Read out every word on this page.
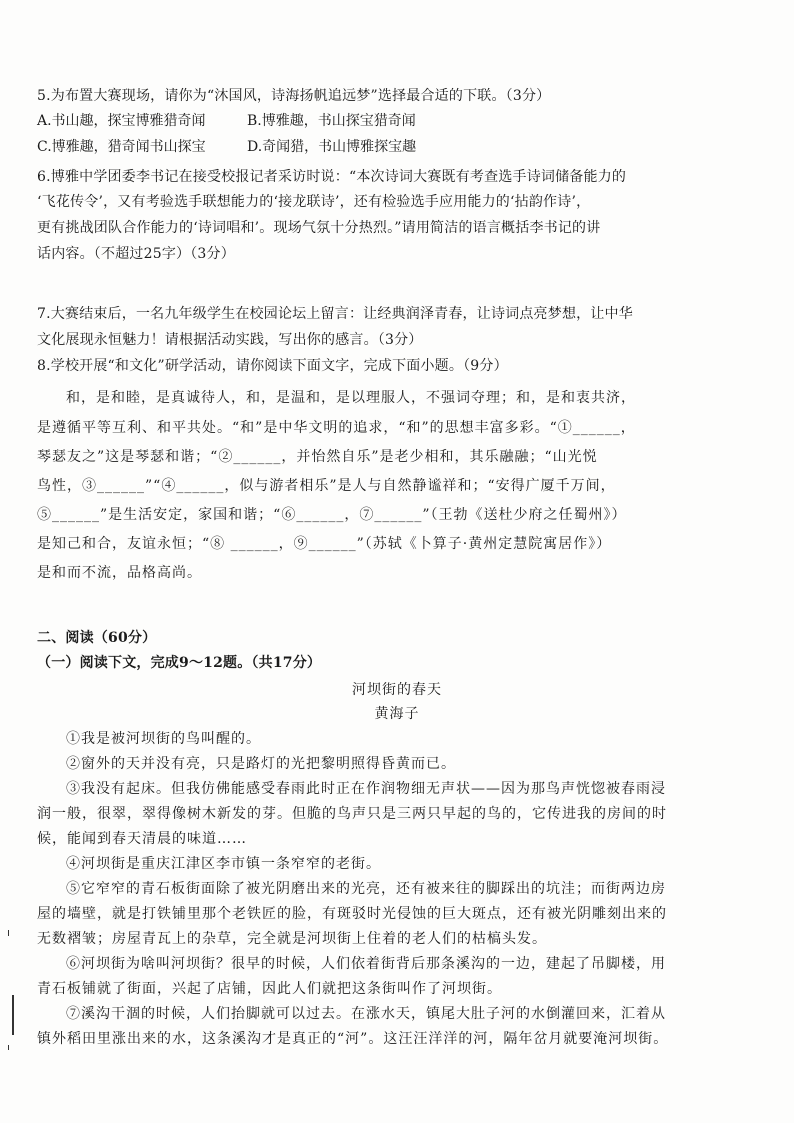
5.为布置大赛现场，请你为“沐国风，诗海扬帆追远梦”选择最合适的下联。（3分）
A.书山趣，探宝博雅猎奇闻	B.博雅趣，书山探宝猎奇闻
C.博雅趣，猎奇闻书山探宝	D.奇闻猎，书山博雅探宝趣
6.博雅中学团委李书记在接受校报记者采访时说：“本次诗词大赛既有考查选手诗词储备能力的
‘飞花传令’，又有考验选手联想能力的‘接龙联诗’，还有检验选手应用能力的‘拈韵作诗’，
更有挑战团队合作能力的‘诗词唱和’。现场气氛十分热烈。”请用简洁的语言概括李书记的讲
话内容。（不超过25字）（3分）
7.大赛结束后，一名九年级学生在校园论坛上留言：让经典润泽青春，让诗词点亮梦想，让中华
文化展现永恒魅力！请根据活动实践，写出你的感言。（3分）
8.学校开展“和文化”研学活动，请你阅读下面文字，完成下面小题。（9分）
和，是和睦，是真诚待人，和，是温和，是以理服人，不强词夺理；和，是和衷共济，
是遵循平等互利、和平共处。“和”是中华文明的追求，“和”的思想丰富多彩。“①______，
琴瑟友之”这是琴瑟和谐；“②______，并怡然自乐”是老少相和，其乐融融；“山光悦
鸟性，③______”“④______，似与游者相乐”是人与自然静谧祥和；“安得广厦千万间，
⑤______”是生活安定，家国和谐；“⑥______，⑦______”（王勃《送杜少府之任蜀州》）
是知己和合，友谊永恒；“⑧ ______，⑨______”（苏轼《卜算子·黄州定慧院寓居作》）
是和而不流，品格高尚。
二、阅读（60分）
（一）阅读下文，完成9～12题。（共17分）
河坝街的春天
黄海子
①我是被河坝街的鸟叫醒的。
②窗外的天并没有亮，只是路灯的光把黎明照得昏黄而已。
③我没有起床。但我仿佛能感受春雨此时正在作润物细无声状——因为那鸟声恍惚被春雨浸
润一般，很翠，翠得像树木新发的芽。但脆的鸟声只是三两只早起的鸟的，它传进我的房间的时
候，能闻到春天清晨的味道……
④河坝街是重庆江津区李市镇一条窄窄的老街。
⑤它窄窄的青石板街面除了被光阴磨出来的光亮，还有被来往的脚踩出的坑洼；而街两边房
屋的墙壁，就是打铁铺里那个老铁匠的脸，有斑驳时光侵蚀的巨大斑点，还有被光阴雕刻出来的
无数褶皱；房屋青瓦上的杂草，完全就是河坝街上住着的老人们的枯槁头发。
⑥河坝街为啥叫河坝街？很早的时候，人们依着街背后那条溪沟的一边，建起了吊脚楼，用
青石板铺就了街面，兴起了店铺，因此人们就把这条街叫作了河坝街。
⑦溪沟干涸的时候，人们抬脚就可以过去。在涨水天，镇尾大肚子河的水倒灌回来，汇着从
镇外稻田里涨出来的水，这条溪沟才是真正的“河”。这汪汪洋洋的河，隔年岔月就要淹河坝街。
